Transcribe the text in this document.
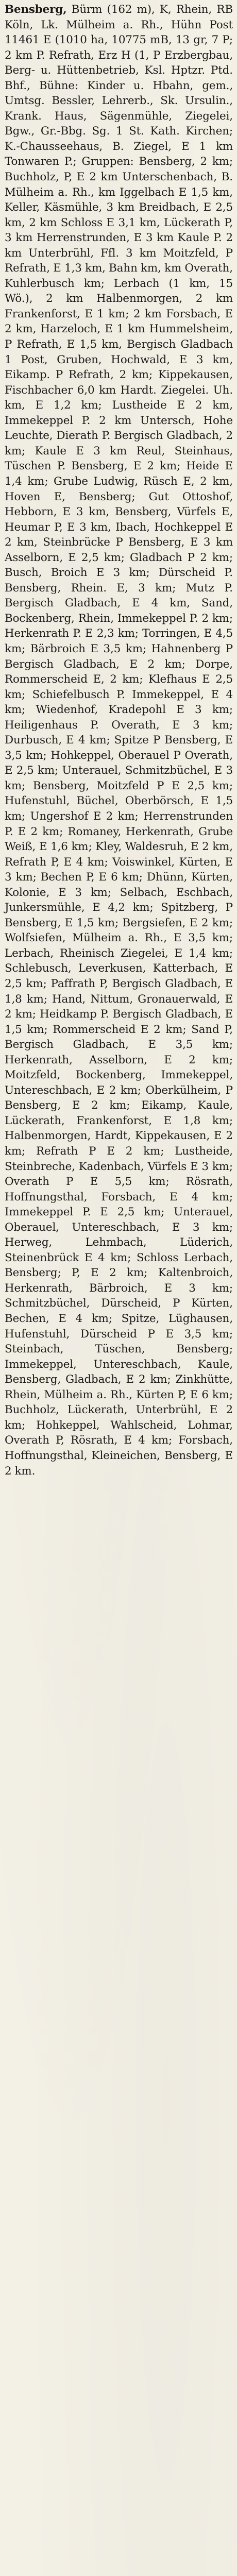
Bensberg, Bürm (162 m), K, Rhein, RB Köln, Lk. Mülheim a. Rh., Hühn Post 11461 E (1010 ha, 10775 mB, 13 gr, 7 P; 2 km P. Refrath, Erz H (1, P Erzbergbau, Berg- u. Hüttenbetrieb, Ksl. Hptzr. Ptd. Bhf., Bühne: Kinder u. Hbahn, gem., Umtsg. Bessler, Lehrerb., Sk. Ursulin., Krank. Haus, Sägenmühle, Ziegelei, Bgw., Gr.-Bbg. Sg. 1 St. Kath. Kirchen; K.-Chausseehaus, B. Ziegel, E 1 km Tonwaren P.; Gruppen: Bensberg, 2 km; Buchholz, P, E 2 km Unterschenbach, B. Mülheim a. Rh., km Iggelbach E 1,5 km, Keller, Käsmühle, 3 km Breidbach, E 2,5 km, 2 km Schloss E 3,1 km, Lückerath P, 3 km Herrenstrunden, E 3 km Kaule P. 2 km Unterbrühl, Ffl. 3 km Moitzfeld, P Refrath, E 1,3 km, Bahn km, km Overath, Kuhlerbusch km; Lerbach (1 km, 15 Wö.), 2 km Halbenmorgen, 2 km Frankenforst, E 1 km; 2 km Forsbach, E 2 km, Harzeloch, E 1 km Hummelsheim, P Refrath, E 1,5 km, Bergisch Gladbach 1 Post, Gruben, Hochwald, E 3 km, Eikamp. P Refrath, 2 km; Kippekausen, Fischbacher 6,0 km Hardt. Ziegelei. Uh. km, E 1,2 km; Lustheide E 2 km, Immekeppel P. 2 km Untersch, Hohe Leuchte, Dierath P. Bergisch Gladbach, 2 km; Kaule E 3 km Reul, Steinhaus, Tüschen P. Bensberg, E 2 km; Heide E 1,4 km; Grube Ludwig, Rüsch E, 2 km, Hoven E, Bensberg; Gut Ottoshof, Hebborn, E 3 km, Bensberg, Vürfels E, Heumar P, E 3 km, Ibach, Hochkeppel E 2 km, Steinbrücke P Bensberg, E 3 km Asselborn, E 2,5 km; Gladbach P 2 km; Busch, Broich E 3 km; Dürscheid P. Bensberg, Rhein. E, 3 km; Mutz P. Bergisch Gladbach, E 4 km, Sand, Bockenberg, Rhein, Immekeppel P. 2 km; Herkenrath P. E 2,3 km; Torringen, E 4,5 km; Bärbroich E 3,5 km; Hahnenberg P Bergisch Gladbach, E 2 km; Dorpe, Rommerscheid E, 2 km; Klefhaus E 2,5 km; Schiefelbusch P. Immekeppel, E 4 km; Wiedenhof, Kradepohl E 3 km; Heiligenhaus P. Overath, E 3 km; Durbusch, E 4 km; Spitze P Bensberg, E 3,5 km; Hohkeppel, Oberauel P Overath, E 2,5 km; Unterauel, Schmitzbüchel, E 3 km; Bensberg, Moitzfeld P E 2,5 km; Hufenstuhl, Büchel, Oberbörsch, E 1,5 km; Ungershof E 2 km; Herrenstrunden P. E 2 km; Romaney, Herkenrath, Grube Weiß, E 1,6 km; Kley, Waldesruh, E 2 km, Refrath P, E 4 km; Voiswinkel, Kürten, E 3 km; Bechen P, E 6 km; Dhünn, Kürten, Kolonie, E 3 km; Selbach, Eschbach, Junkersmühle, E 4,2 km; Spitzberg, P Bensberg, E 1,5 km; Bergsiefen, E 2 km; Wolfsiefen, Mülheim a. Rh., E 3,5 km; Lerbach, Rheinisch Ziegelei, E 1,4 km; Schlebusch, Leverkusen, Katterbach, E 2,5 km; Paffrath P, Bergisch Gladbach, E 1,8 km; Hand, Nittum, Gronauerwald, E 2 km; Heidkamp P. Bergisch Gladbach, E 1,5 km; Rommerscheid E 2 km; Sand P, Bergisch Gladbach, E 3,5 km; Herkenrath, Asselborn, E 2 km; Moitzfeld, Bockenberg, Immekeppel, Untereschbach, E 2 km; Oberkülheim, P Bensberg, E 2 km; Eikamp, Kaule, Lückerath, Frankenforst, E 1,8 km; Halbenmorgen, Hardt, Kippekausen, E 2 km; Refrath P E 2 km; Lustheide, Steinbreche, Kadenbach, Vürfels E 3 km; Overath P E 5,5 km; Rösrath, Hoffnungsthal, Forsbach, E 4 km; Immekeppel P. E 2,5 km; Unterauel, Oberauel, Untereschbach, E 3 km; Herweg, Lehmbach, Lüderich, Steinenbrück E 4 km; Schloss Lerbach, Bensberg; P, E 2 km; Kaltenbroich, Herkenrath, Bärbroich, E 3 km; Schmitzbüchel, Dürscheid, P Kürten, Bechen, E 4 km; Spitze, Lüghausen, Hufenstuhl, Dürscheid P E 3,5 km; Steinbach, Tüschen, Bensberg; Immekeppel, Untereschbach, Kaule, Bensberg, Gladbach, E 2 km; Zinkhütte, Rhein, Mülheim a. Rh., Kürten P, E 6 km; Buchholz, Lückerath, Unterbrühl, E 2 km; Hohkeppel, Wahlscheid, Lohmar, Overath P, Rösrath, E 4 km; Forsbach, Hoffnungsthal, Kleineichen, Bensberg, E 2 km.
